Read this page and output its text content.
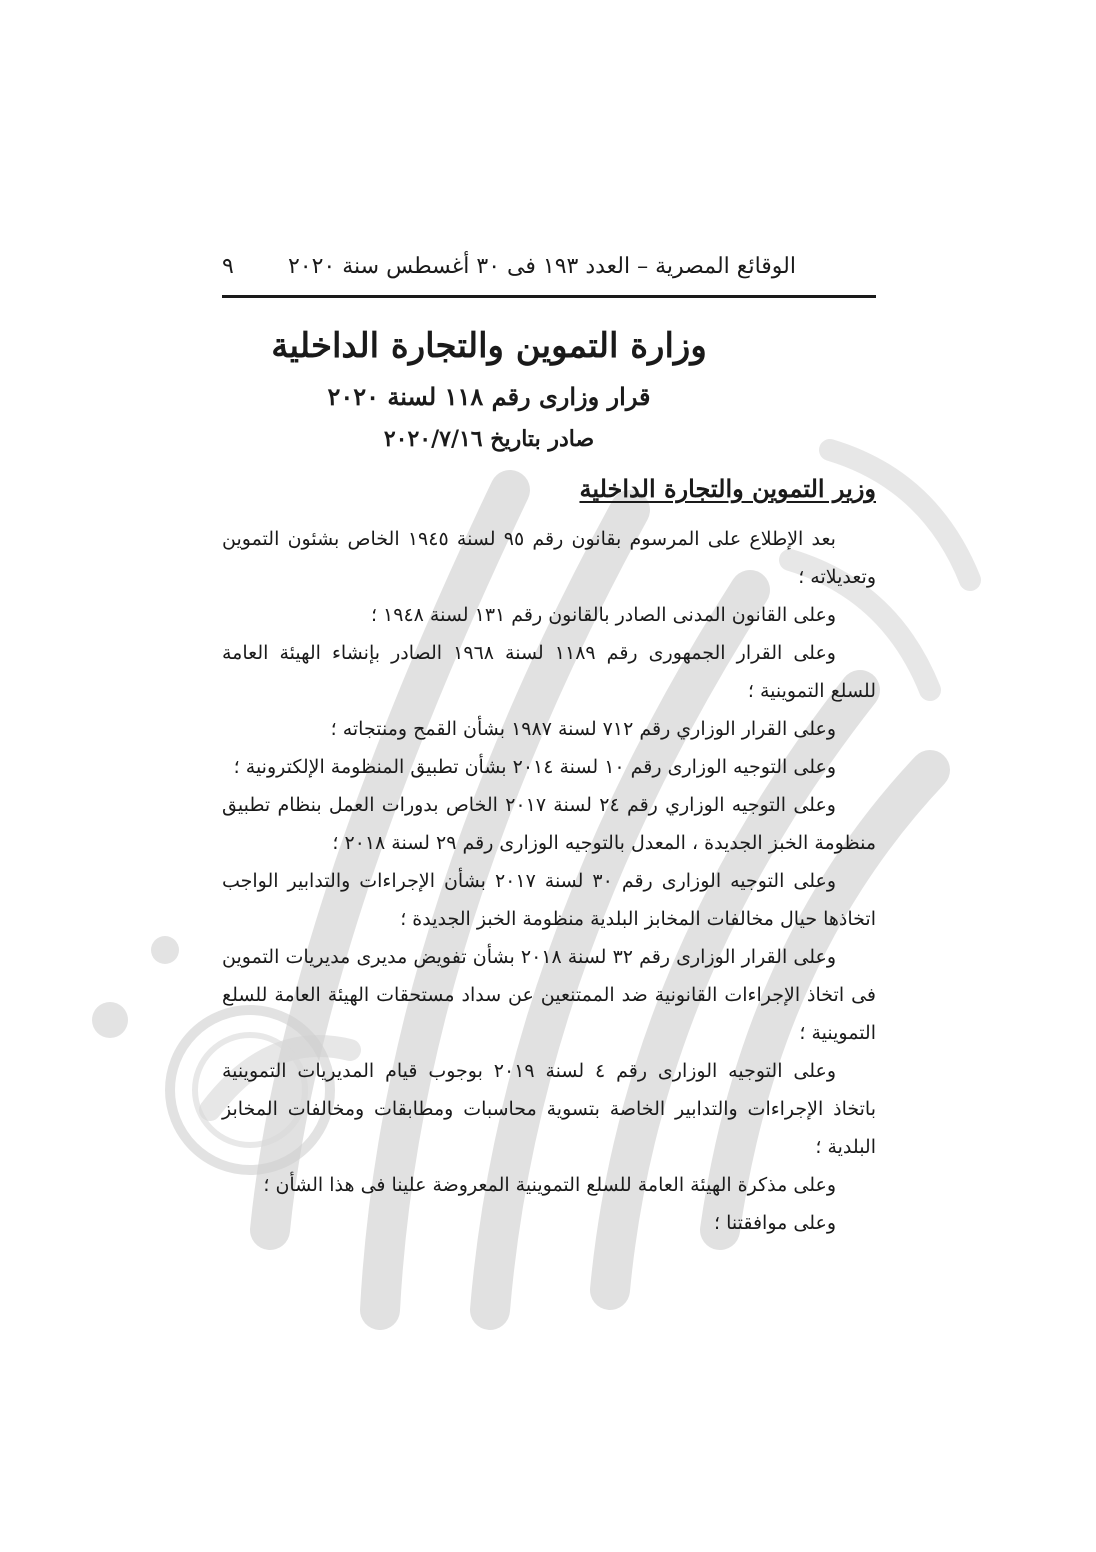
الوقائع المصرية – العدد ١٩٣ فى ٣٠ أغسطس سنة ٢٠٢٠
٩
وزارة التموين والتجارة الداخلية
قرار وزارى رقم ١١٨ لسنة ٢٠٢٠
صادر بتاريخ ٢٠٢٠/٧/١٦
وزير التموين والتجارة الداخلية

بعد الإطلاع على المرسوم بقانون رقم ٩٥ لسنة ١٩٤٥ الخاص بشئون التموين وتعديلاته ؛

وعلى القانون المدنى الصادر بالقانون رقم ١٣١ لسنة ١٩٤٨ ؛

وعلى القرار الجمهورى رقم ١١٨٩ لسنة ١٩٦٨ الصادر بإنشاء الهيئة العامة للسلع التموينية ؛

وعلى القرار الوزاري رقم ٧١٢ لسنة ١٩٨٧ بشأن القمح ومنتجاته ؛

وعلى التوجيه الوزارى رقم ١٠ لسنة ٢٠١٤ بشأن تطبيق المنظومة الإلكترونية ؛

وعلى التوجيه الوزاري رقم ٢٤ لسنة ٢٠١٧ الخاص بدورات العمل بنظام تطبيق منظومة الخبز الجديدة ، المعدل بالتوجيه الوزارى رقم ٢٩ لسنة ٢٠١٨ ؛

وعلى التوجيه الوزارى رقم ٣٠ لسنة ٢٠١٧ بشأن الإجراءات والتدابير الواجب اتخاذها حيال مخالفات المخابز البلدية منظومة الخبز الجديدة ؛

وعلى القرار الوزارى رقم ٣٢ لسنة ٢٠١٨ بشأن تفويض مديرى مديريات التموين فى اتخاذ الإجراءات القانونية ضد الممتنعين عن سداد مستحقات الهيئة العامة للسلع التموينية ؛

وعلى التوجيه الوزارى رقم ٤ لسنة ٢٠١٩ بوجوب قيام المديريات التموينية باتخاذ الإجراءات والتدابير الخاصة بتسوية محاسبات ومطابقات ومخالفات المخابز البلدية ؛

وعلى مذكرة الهيئة العامة للسلع التموينية المعروضة علينا فى هذا الشأن ؛

وعلى موافقتنا ؛
